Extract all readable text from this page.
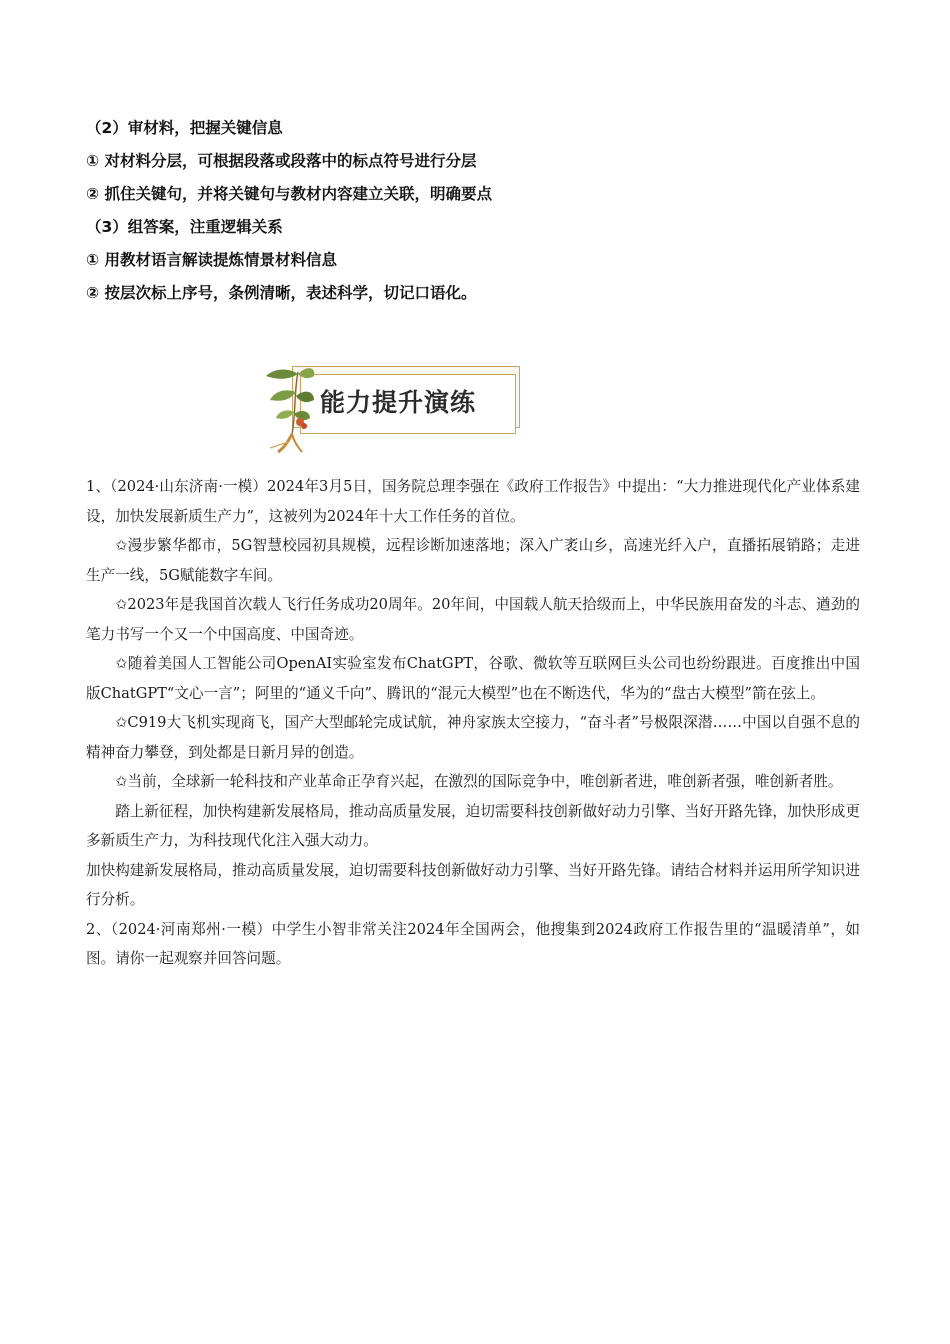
（2）审材料，把握关键信息
① 对材料分层，可根据段落或段落中的标点符号进行分层
② 抓住关键句，并将关键句与教材内容建立关联，明确要点
（3）组答案，注重逻辑关系
① 用教材语言解读提炼情景材料信息
② 按层次标上序号，条例清晰，表述科学，切记口语化。
能力提升演练

1、（2024·山东济南·一模）2024年3月5日，国务院总理李强在《政府工作报告》中提出：“大力推进现代化产业体系建设，加快发展新质生产力”，这被列为2024年十大工作任务的首位。

✩漫步繁华都市，5G智慧校园初具规模，远程诊断加速落地；深入广袤山乡，高速光纤入户，直播拓展销路；走进生产一线，5G赋能数字车间。

✩2023年是我国首次载人飞行任务成功20周年。20年间，中国载人航天拾级而上，中华民族用奋发的斗志、遒劲的笔力书写一个又一个中国高度、中国奇迹。

✩随着美国人工智能公司OpenAI实验室发布ChatGPT，谷歌、微软等互联网巨头公司也纷纷跟进。百度推出中国版ChatGPT“文心一言”；阿里的“通义千向”、腾讯的“混元大模型”也在不断迭代，华为的“盘古大模型”箭在弦上。

✩C919大飞机实现商飞，国产大型邮轮完成试航，神舟家族太空接力，“奋斗者”号极限深潜……中国以自强不息的精神奋力攀登，到处都是日新月异的创造。

✩当前，全球新一轮科技和产业革命正孕育兴起，在激烈的国际竞争中，唯创新者进，唯创新者强，唯创新者胜。

踏上新征程，加快构建新发展格局，推动高质量发展，迫切需要科技创新做好动力引擎、当好开路先锋，加快形成更多新质生产力，为科技现代化注入强大动力。

加快构建新发展格局，推动高质量发展，迫切需要科技创新做好动力引擎、当好开路先锋。请结合材料并运用所学知识进行分析。

2、（2024·河南郑州·一模）中学生小智非常关注2024年全国两会，他搜集到2024政府工作报告里的“温暖清单”，如图。请你一起观察并回答问题。
